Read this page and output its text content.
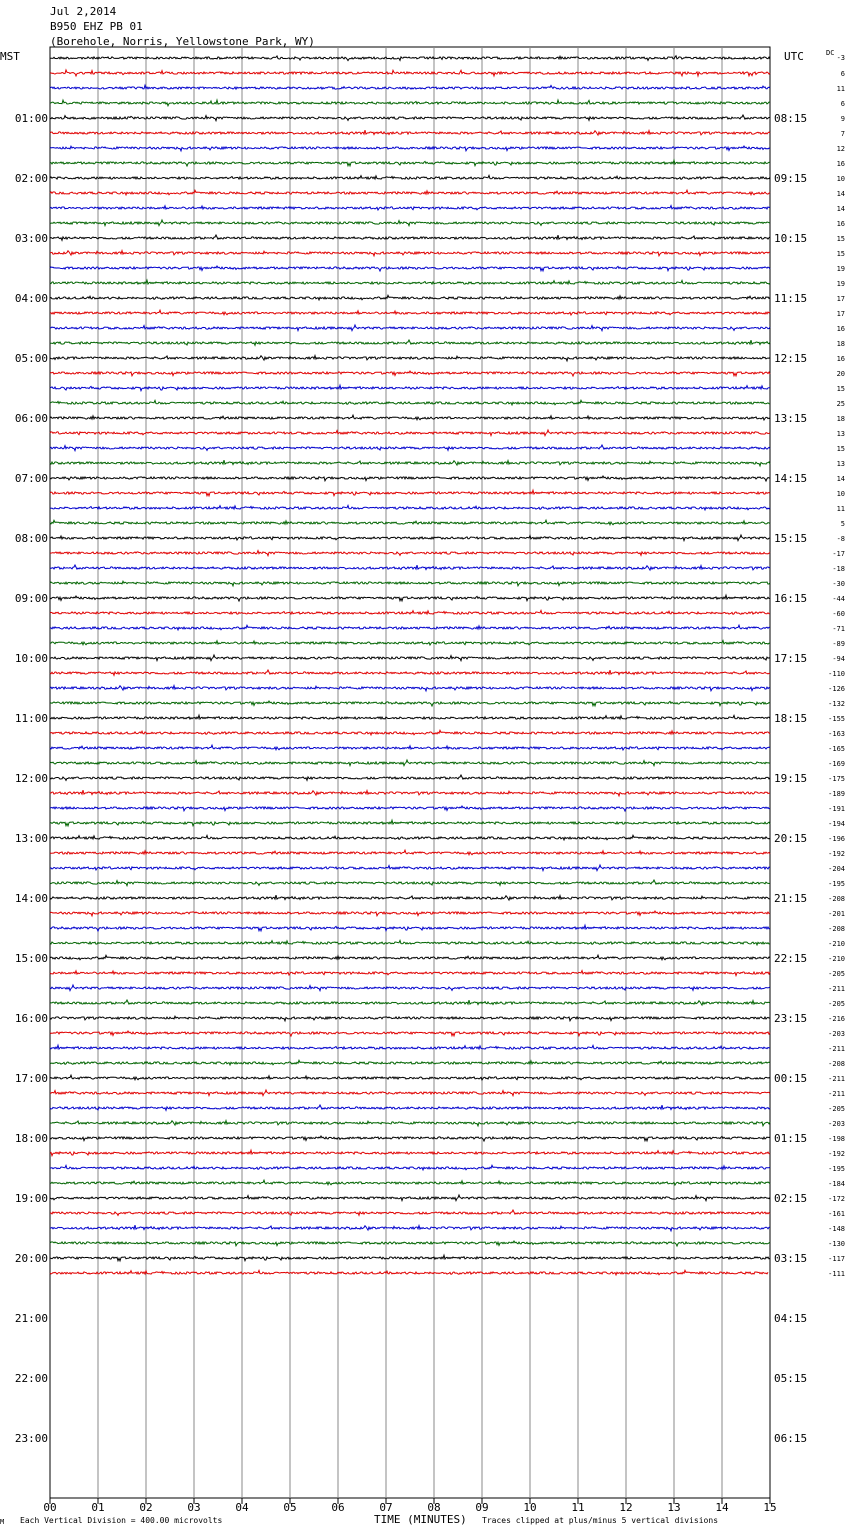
Jul 2,2014
B950 EHZ PB 01
(Borehole, Norris, Yellowstone Park, WY)
MST	UTC
00	01	02	03	04	05	06	07	08	09	10	11	12	13	14	15
01:00
02:00
03:00
04:00
05:00
06:00
07:00
08:00
09:00
10:00
11:00
12:00
13:00
14:00
15:00
16:00
17:00
18:00
19:00
20:00
21:00
22:00
23:00
08:15
09:15
10:15
11:15
12:15
13:15
14:15
15:15
16:15
17:15
18:15
19:15
20:15
21:15
22:15
23:15
00:15
01:15
02:15
03:15
04:15
05:15
06:15
DC
-3
6
11
6
9
7
12
16
10
14
14
16
15
15
19
19
17
17
16
18
16
20
15
25
18
13
15
13
14
10
11
5
-8
-17
-18
-30
-44
-60
-71
-89
-94
-110
-126
-132
-155
-163
-165
-169
-175
-189
-191
-194
-196
-192
-204
-195
-208
-201
-208
-210
-210
-205
-211
-205
-216
-203
-211
-208
-211
-211
-205
-203
-198
-192
-195
-184
-172
-161
-148
-130
-117
-111
Each Vertical Division = 400.00 microvolts	TIME (MINUTES) Traces clipped at plus/minus 5 vertical divisions
M
